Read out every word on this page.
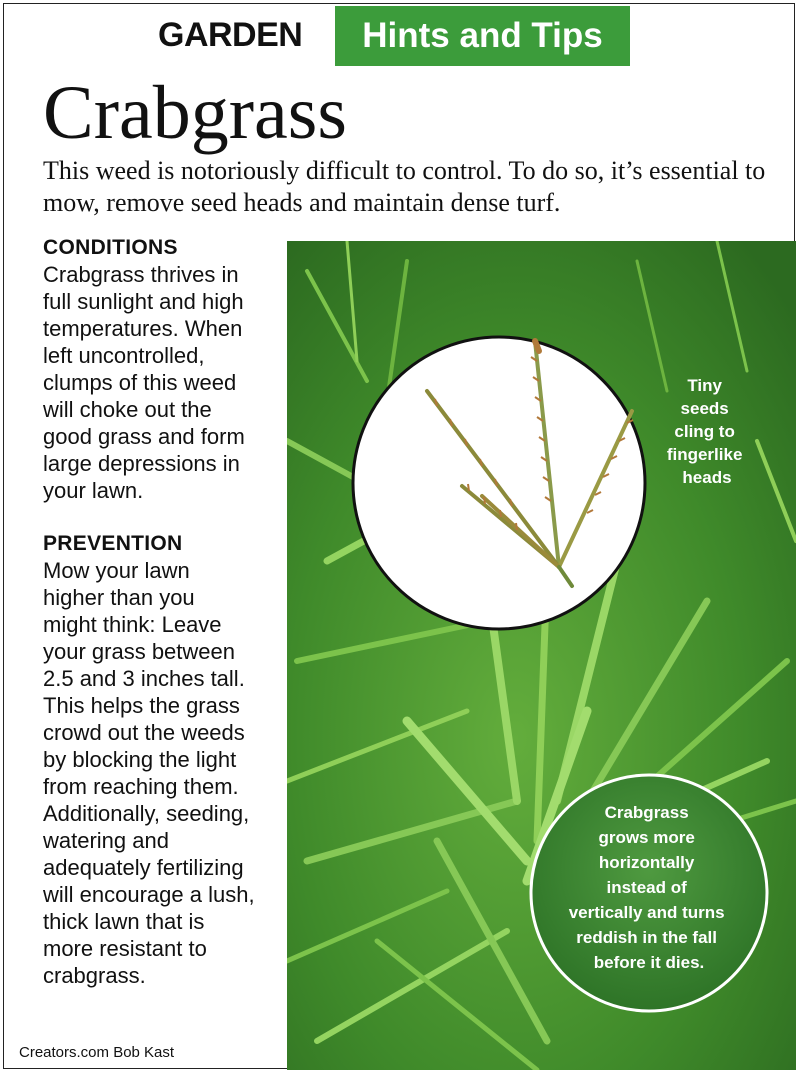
GARDEN	Hints and Tips
Crabgrass
This weed is notoriously difficult to control. To do so, it’s essential to mow, remove seed heads and maintain dense turf.
CONDITIONS
Crabgrass thrives in
full sunlight and high
temperatures. When
left uncontrolled,
clumps of this weed
will choke out the
good grass and form
large depressions in
your lawn.
PREVENTION
Mow your lawn
higher than you
might think: Leave
your grass between
2.5 and 3 inches tall.
This helps the grass
crowd out the weeds
by blocking the light
from reaching them.
Additionally, seeding,
watering and
adequately fertilizing
will encourage a lush,
thick lawn that is
more resistant to
crabgrass.
Tiny seeds cling to fingerlike heads
Crabgrass grows more horizontally instead of vertically and turns reddish in the fall before it dies.
Creators.com Bob Kast
